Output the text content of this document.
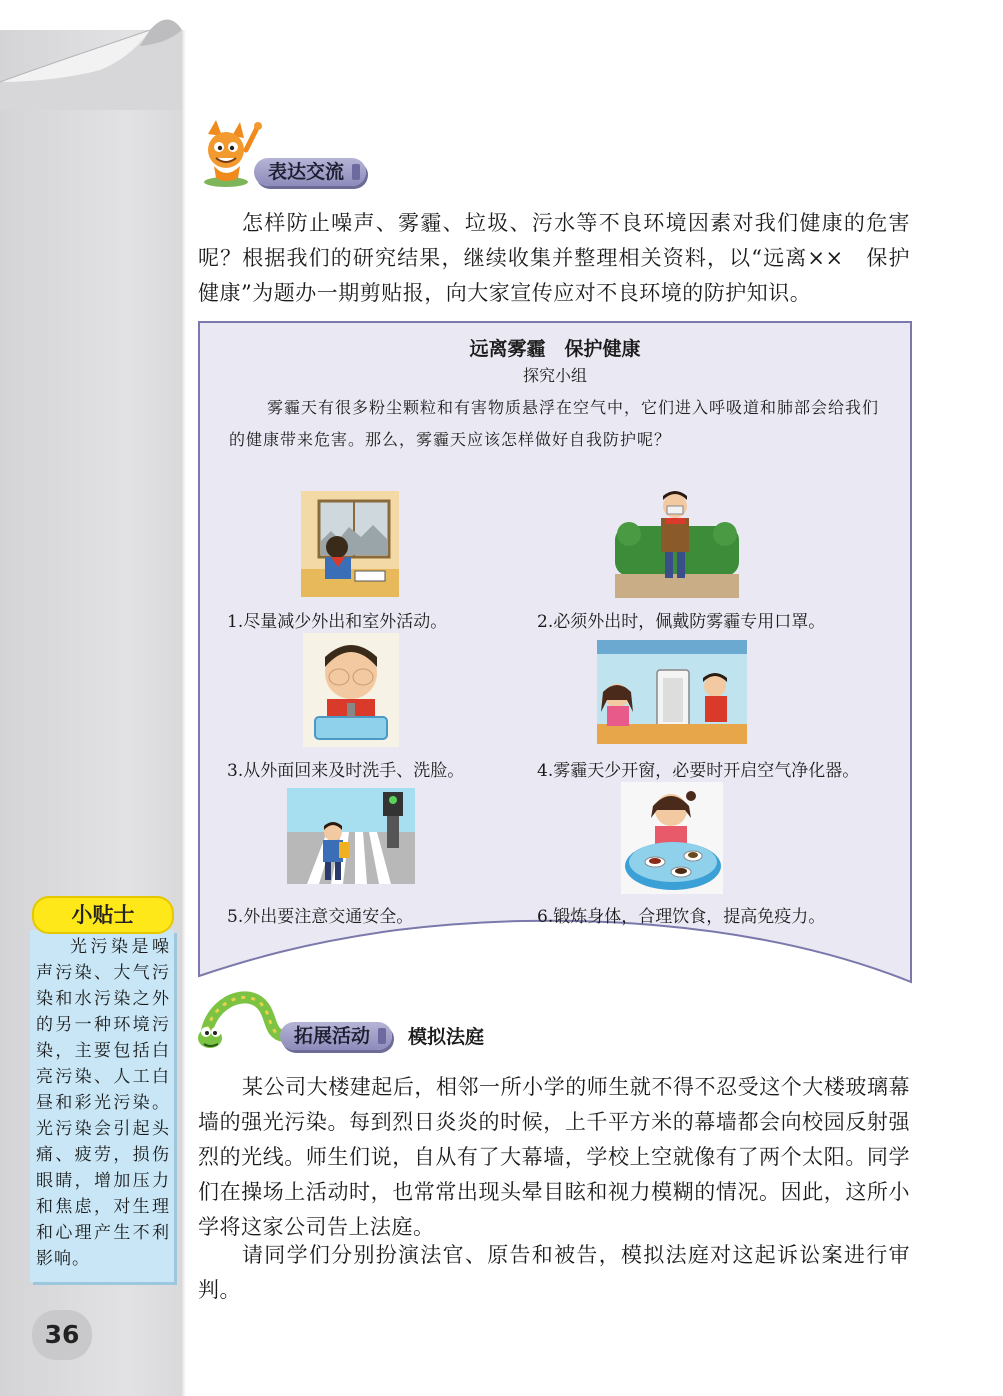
表达交流
怎样防止噪声、雾霾、垃圾、污水等不良环境因素对我们健康的危害呢？根据我们的研究结果，继续收集并整理相关资料，以“远离××　保护健康”为题办一期剪贴报，向大家宣传应对不良环境的防护知识。
远离雾霾　保护健康
探究小组
雾霾天有很多粉尘颗粒和有害物质悬浮在空气中，它们进入呼吸道和肺部会给我们的健康带来危害。那么，雾霾天应该怎样做好自我防护呢？
1.尽量减少外出和室外活动。	2.必须外出时，佩戴防雾霾专用口罩。
3.从外面回来及时洗手、洗脸。	4.雾霾天少开窗，必要时开启空气净化器。
5.外出要注意交通安全。	6.锻炼身体，合理饮食，提高免疫力。
拓展活动	模拟法庭
某公司大楼建起后，相邻一所小学的师生就不得不忍受这个大楼玻璃幕墙的强光污染。每到烈日炎炎的时候，上千平方米的幕墙都会向校园反射强烈的光线。师生们说，自从有了大幕墙，学校上空就像有了两个太阳。同学们在操场上活动时，也常常出现头晕目眩和视力模糊的情况。因此，这所小学将这家公司告上法庭。
请同学们分别扮演法官、原告和被告，模拟法庭对这起诉讼案进行审判。
光污染是噪声污染、大气污染和水污染之外的另一种环境污染，主要包括白亮污染、人工白昼和彩光污染。光污染会引起头痛、疲劳，损伤眼睛，增加压力和焦虑，对生理和心理产生不利影响。
小贴士
36
